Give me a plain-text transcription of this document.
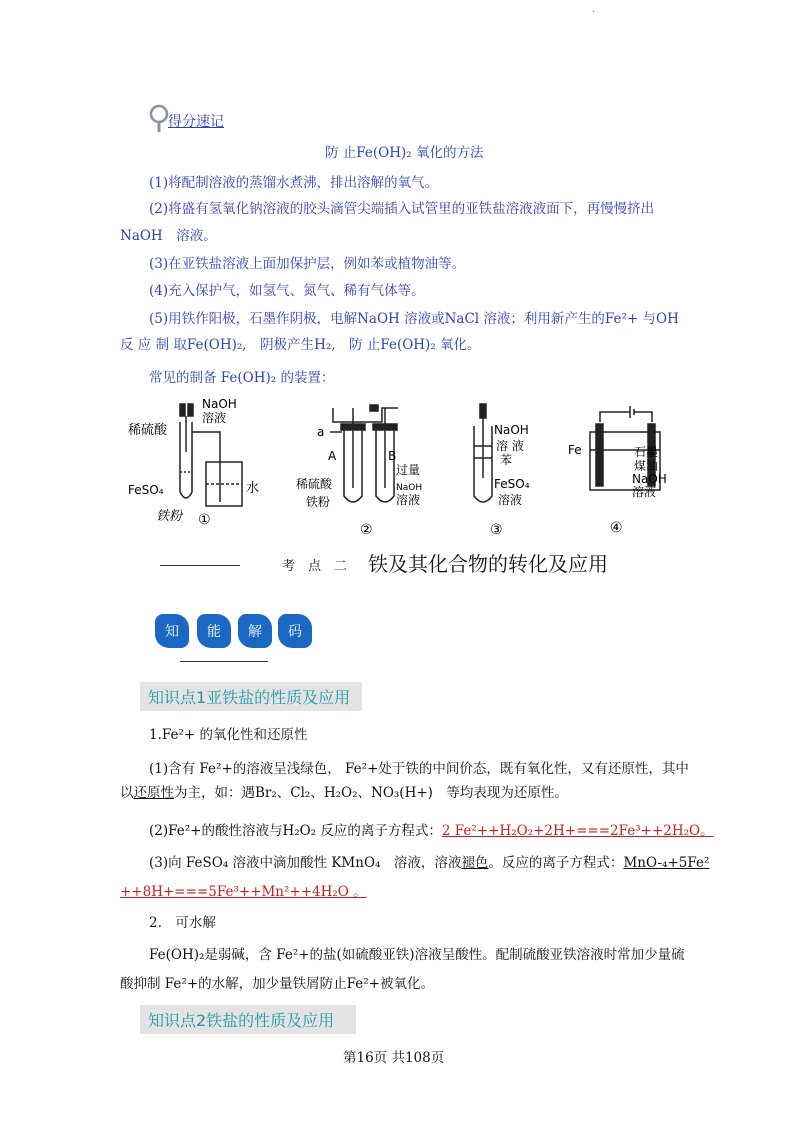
.
得分速记
防 止Fe(OH)₂ 氧化的方法
(1)将配制溶液的蒸馏水煮沸，排出溶解的氧气。
(2)将盛有氢氧化钠溶液的胶头滴管尖端插入试管里的亚铁盐溶液液面下，再慢慢挤出
NaOH　溶液。
(3)在亚铁盐溶液上面加保护层，例如苯或植物油等。
(4)充入保护气，如氢气、氮气、稀有气体等。
(5)用铁作阳极，石墨作阴极，电解NaOH 溶液或NaCl 溶液；利用新产生的Fe²+ 与OH
反 应 制 取Fe(OH)₂,　阴极产生H₂,　防 止Fe(OH)₂ 氧化。
常见的制备 Fe(OH)₂ 的装置：
NaOH
溶液
稀硫酸
FeSO₄	水
铁粉 ①
a
A	B
过量
稀硫酸
铁粉
NaOH
溶液
②
NaOH
溶 液
苯
FeSO₄
溶液
③
Fe	石墨
煤油
NaOH
溶液
④
考　点　二 铁及其化合物的转化及应用
知	能	解	码
知识点1亚铁盐的性质及应用
1.Fe²+ 的氧化性和还原性
(1)含有 Fe²+的溶液呈浅绿色， Fe²+处于铁的中间价态，既有氧化性，又有还原性，其中
以还原性为主，如：遇Br₂、Cl₂、H₂O₂、NO₃(H+)　等均表现为还原性。
(2)Fe²+的酸性溶液与H₂O₂ 反应的离子方程式：2 Fe²++H₂O₂+2H+===2Fe³++2H₂O。
(3)向 FeSO₄ 溶液中滴加酸性 KMnO₄　溶液，溶液褪色。反应的离子方程式：MnO-₄+5Fe²
++8H+===5Fe³++Mn²++4H₂O 。
2.　可水解
Fe(OH)₂是弱碱，含 Fe²+的盐(如硫酸亚铁)溶液呈酸性。配制硫酸亚铁溶液时常加少量硫
酸抑制 Fe²+的水解，加少量铁屑防止Fe²+被氧化。
知识点2铁盐的性质及应用
第16页 共108页
